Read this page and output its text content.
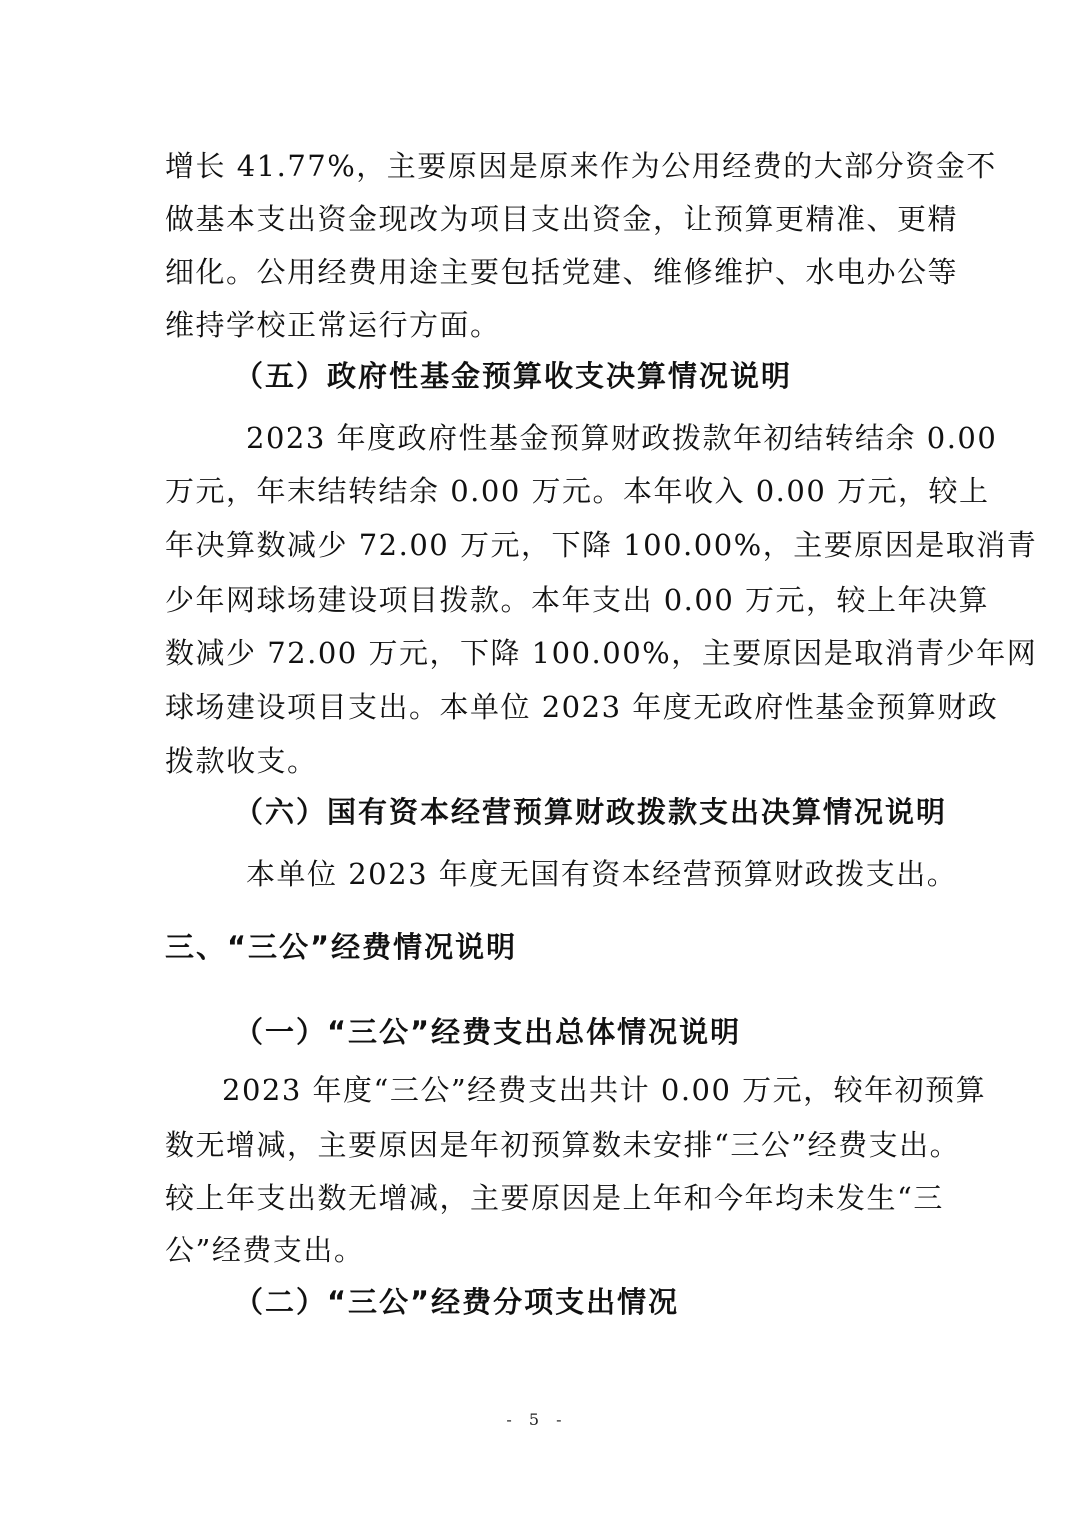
增长 41.77%，主要原因是原来作为公用经费的大部分资金不
做基本支出资金现改为项目支出资金，让预算更精准、更精
细化。公用经费用途主要包括党建、维修维护、水电办公等
维持学校正常运行方面。
（五）政府性基金预算收支决算情况说明
2023 年度政府性基金预算财政拨款年初结转结余 0.00
万元，年末结转结余 0.00 万元。本年收入 0.00 万元，较上
年决算数减少 72.00 万元，下降 100.00%，主要原因是取消青
少年网球场建设项目拨款。本年支出 0.00 万元，较上年决算
数减少 72.00 万元，下降 100.00%，主要原因是取消青少年网
球场建设项目支出。本单位 2023 年度无政府性基金预算财政
拨款收支。
（六）国有资本经营预算财政拨款支出决算情况说明
本单位 2023 年度无国有资本经营预算财政拨支出。
三、“三公”经费情况说明
（一）“三公”经费支出总体情况说明
2023 年度“三公”经费支出共计 0.00 万元，较年初预算
数无增减，主要原因是年初预算数未安排“三公”经费支出。
较上年支出数无增减，主要原因是上年和今年均未发生“三
公”经费支出。
（二）“三公”经费分项支出情况
- 5 -
